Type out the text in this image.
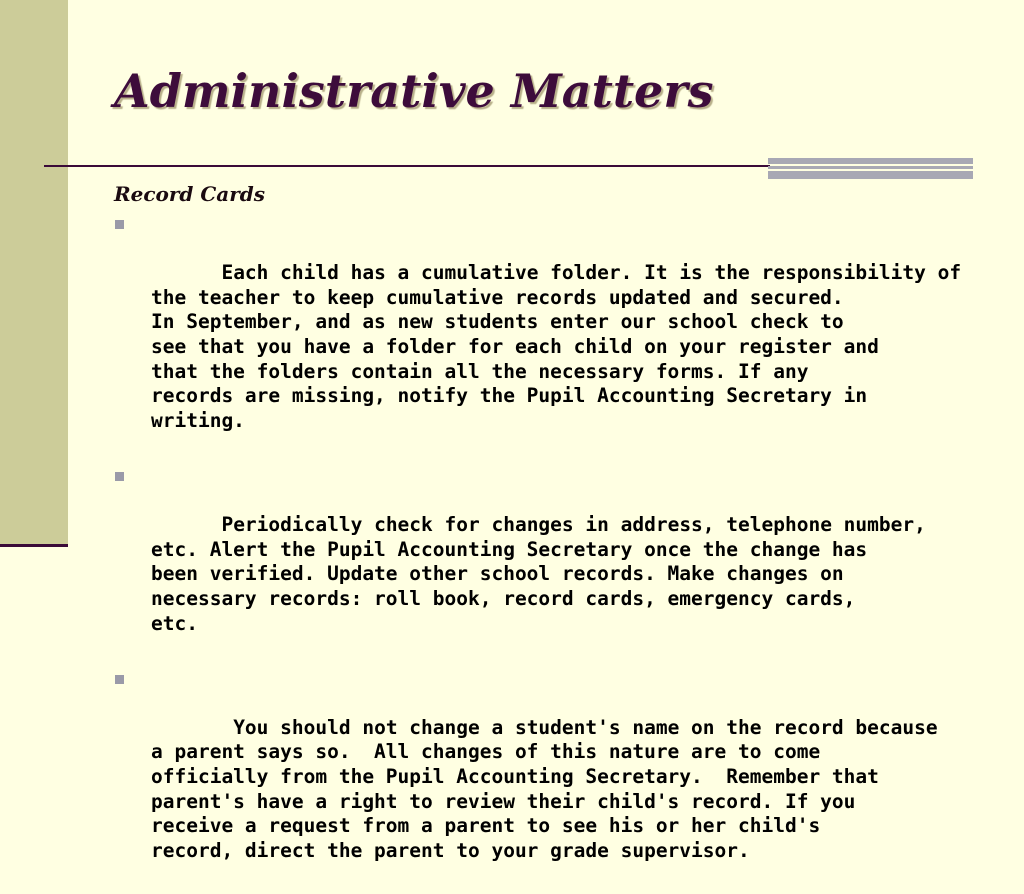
Administrative Matters
Record Cards

Each child has a cumulative folder. It is the responsibility of
the teacher to keep cumulative records updated and secured.
In September, and as new students enter our school check to
see that you have a folder for each child on your register and
that the folders contain all the necessary forms. If any
records are missing, notify the Pupil Accounting Secretary in
writing.

Periodically check for changes in address, telephone number,
etc. Alert the Pupil Accounting Secretary once the change has
been verified. Update other school records. Make changes on
necessary records: roll book, record cards, emergency cards,
etc.

You should not change a student's name on the record because
a parent says so.  All changes of this nature are to come
officially from the Pupil Accounting Secretary.  Remember that
parent's have a right to review their child's record. If you
receive a request from a parent to see his or her child's
record, direct the parent to your grade supervisor.
